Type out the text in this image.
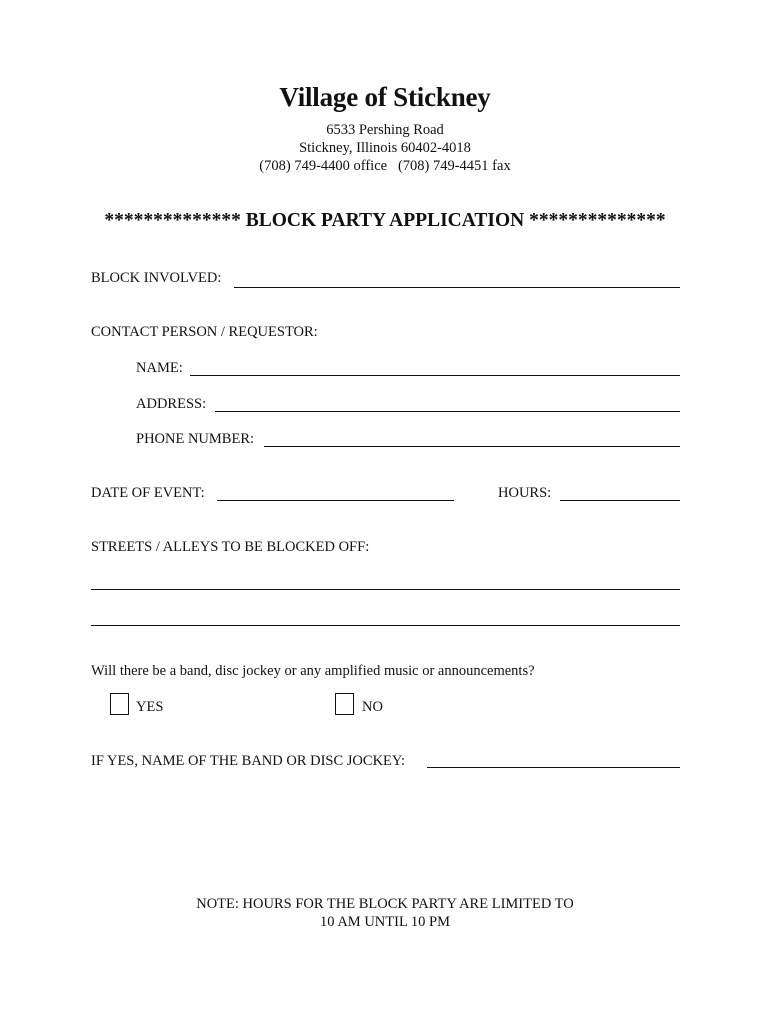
Village of Stickney
6533 Pershing Road
Stickney, Illinois 60402-4018
(708) 749-4400 office   (708) 749-4451 fax
************** BLOCK PARTY APPLICATION **************
BLOCK INVOLVED:
CONTACT PERSON / REQUESTOR:
NAME:
ADDRESS:
PHONE NUMBER:
DATE OF EVENT:	HOURS:
STREETS / ALLEYS TO BE BLOCKED OFF:
Will there be a band, disc jockey or any amplified music or announcements?
YES	NO
IF YES, NAME OF THE BAND OR DISC JOCKEY:
NOTE: HOURS FOR THE BLOCK PARTY ARE LIMITED TO
10 AM UNTIL 10 PM
